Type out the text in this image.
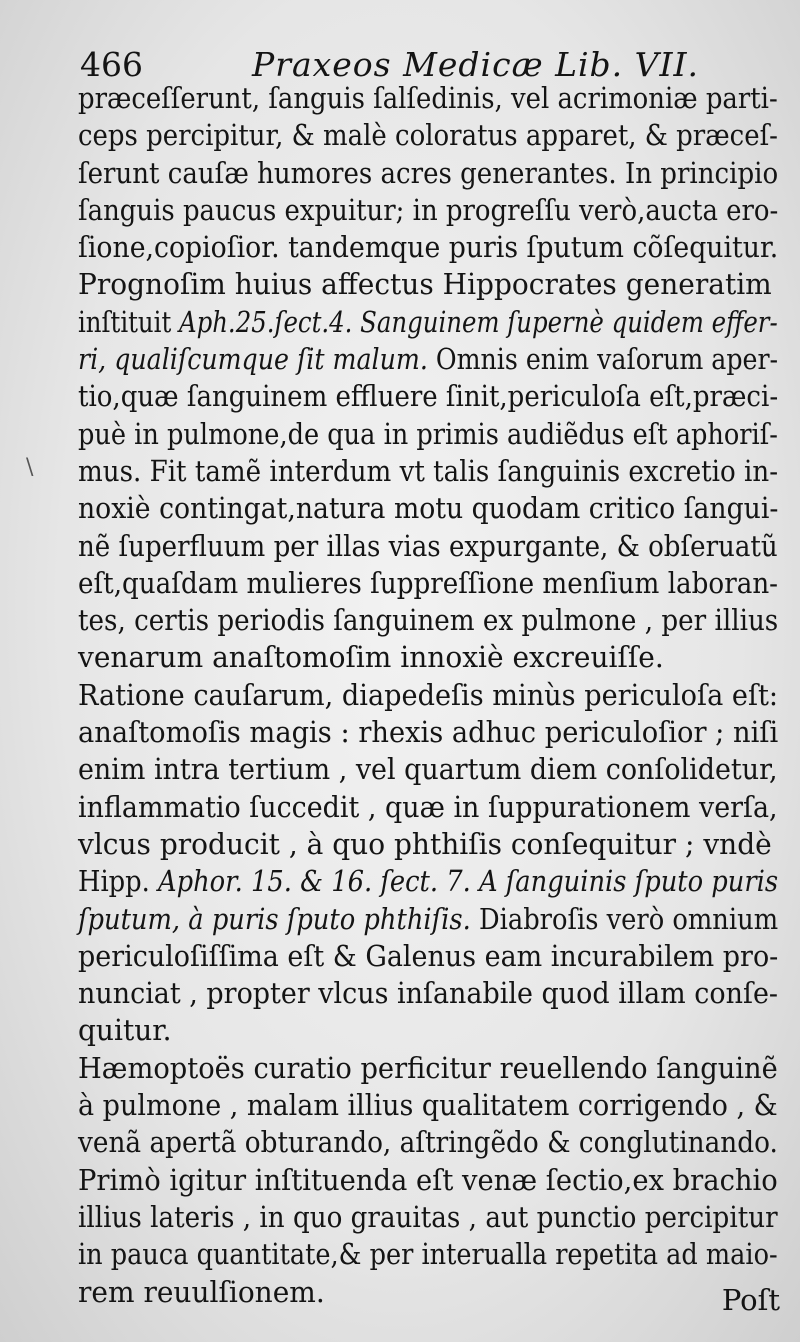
466	Praxeos Medicæ Lib. VII.
\
præceſſerunt, ſanguis ſalſedinis, vel acrimoniæ parti-
ceps percipitur, & malè coloratus apparet, & præceſ-
ſerunt cauſæ humores acres generantes. In principio
ſanguis paucus expuitur; in progreſſu verò,aucta ero-
ſione,copioſior. tandemque puris ſputum cõſequitur.
Prognoſim huius affectus Hippocrates generatim
inſtituit Aph.25.ſect.4. Sanguinem ſupernè quidem effer-
ri, qualiſcumque ſit malum. Omnis enim vaſorum aper-
tio,quæ ſanguinem effluere ſinit,periculoſa eſt,præci-
puè in pulmone,de qua in primis audiẽdus eſt aphoriſ-
mus. Fit tamẽ interdum vt talis ſanguinis excretio in-
noxiè contingat,natura motu quodam critico ſangui-
nẽ ſuperfluum per illas vias expurgante, & obſeruatũ
eſt,quaſdam mulieres ſuppreſſione menſium laboran-
tes, certis periodis ſanguinem ex pulmone , per illius
venarum anaſtomoſim innoxiè excreuiſſe.
Ratione cauſarum, diapedeſis minùs periculoſa eſt:
anaſtomoſis magis : rhexis adhuc periculoſior ; niſi
enim intra tertium , vel quartum diem conſolidetur,
inflammatio ſuccedit , quæ in ſuppurationem verſa,
vlcus producit , à quo phthiſis conſequitur ; vndè
Hipp. Aphor. 15. & 16. ſect. 7. A ſanguinis ſputo puris
ſputum, à puris ſputo phthiſis. Diabroſis verò omnium
periculoſiſſima eſt & Galenus eam incurabilem pro-
nunciat , propter vlcus inſanabile quod illam conſe-
quitur.
Hæmoptoës curatio perficitur reuellendo ſanguinẽ
à pulmone , malam illius qualitatem corrigendo , &
venã apertã obturando, aſtringẽdo & conglutinando.
Primò igitur inſtituenda eſt venæ ſectio,ex brachio
illius lateris , in quo grauitas , aut punctio percipitur
in pauca quantitate,& per interualla repetita ad maio-
rem reuulſionem.	Poſt
